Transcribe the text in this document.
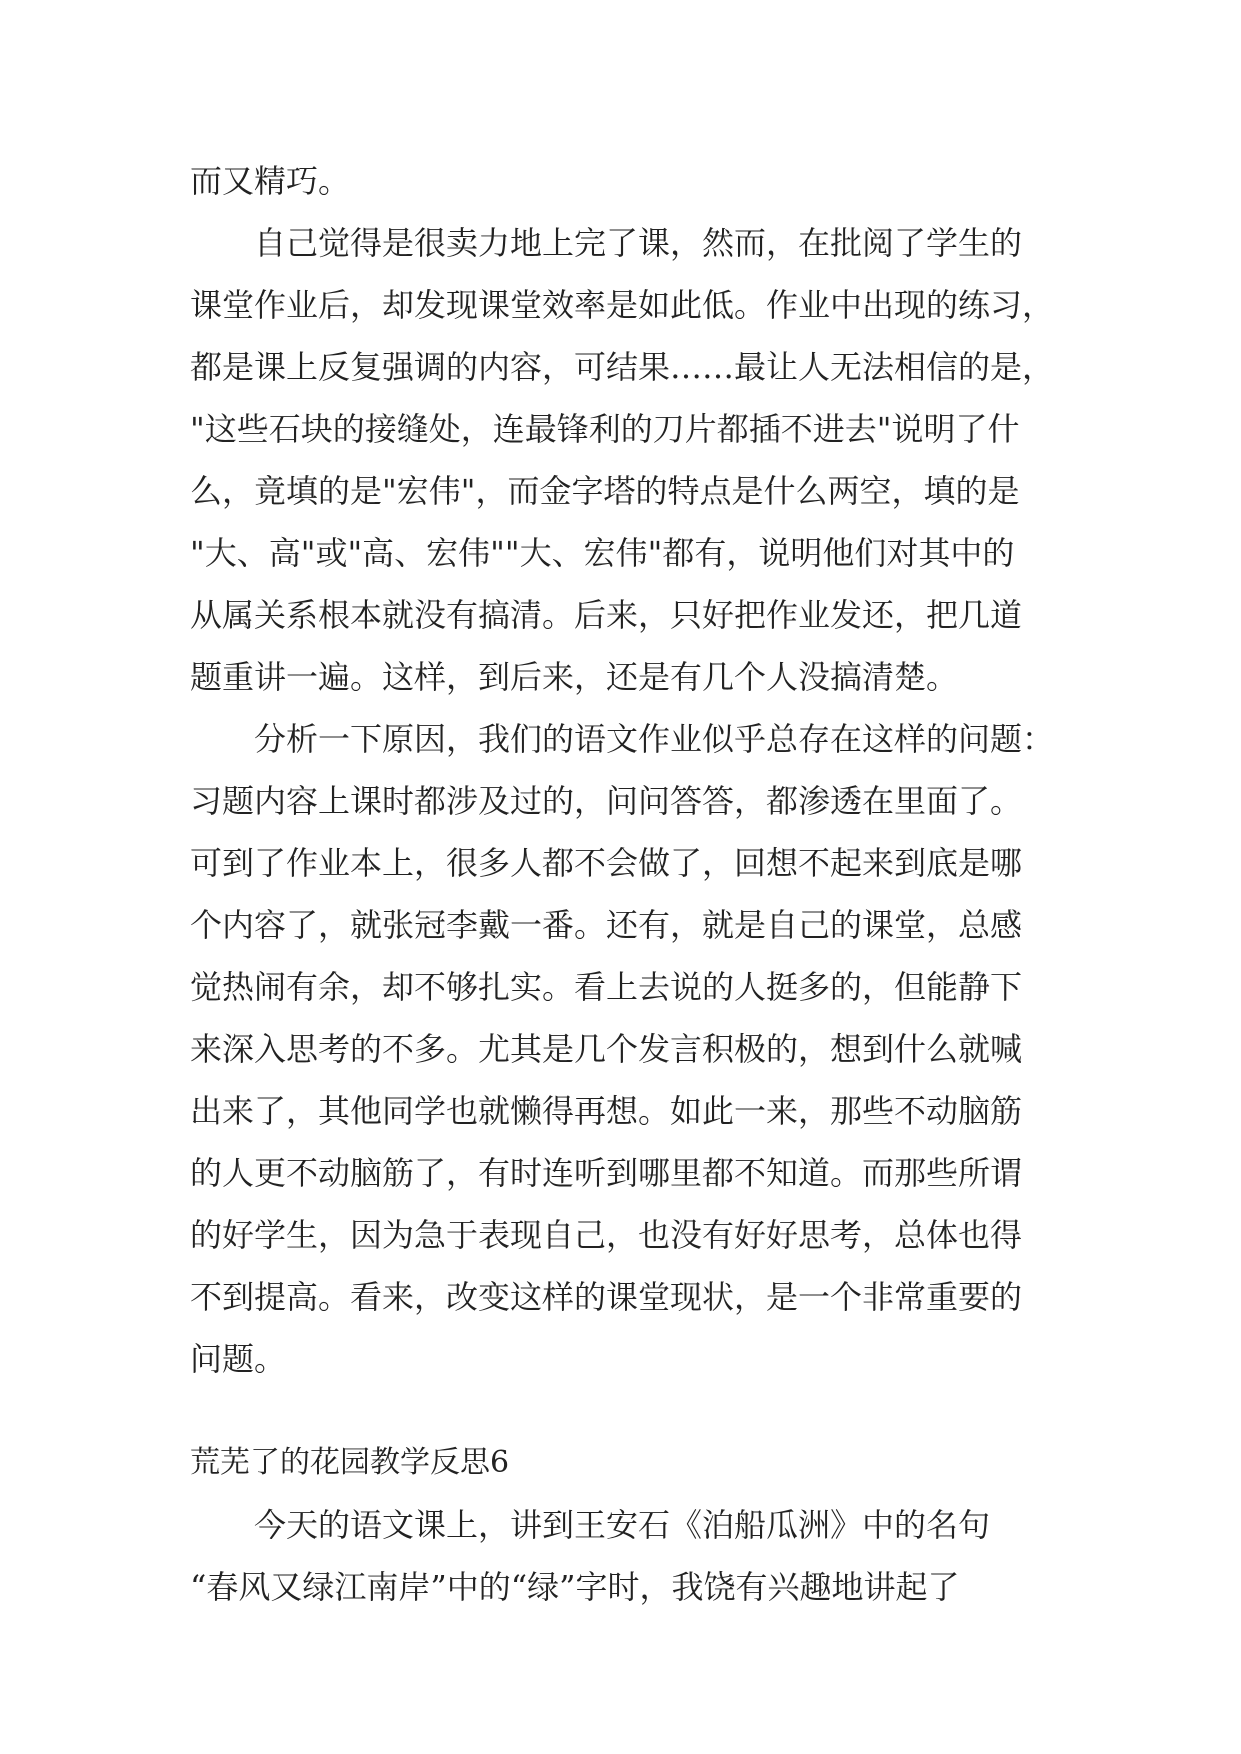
而又精巧。
自己觉得是很卖力地上完了课，然而，在批阅了学生的
课堂作业后，却发现课堂效率是如此低。作业中出现的练习，
都是课上反复强调的内容，可结果……最让人无法相信的是，
"这些石块的接缝处，连最锋利的刀片都插不进去"说明了什
么，竟填的是"宏伟"，而金字塔的特点是什么两空，填的是
"大、高"或"高、宏伟""大、宏伟"都有，说明他们对其中的
从属关系根本就没有搞清。后来，只好把作业发还，把几道
题重讲一遍。这样，到后来，还是有几个人没搞清楚。
分析一下原因，我们的语文作业似乎总存在这样的问题：
习题内容上课时都涉及过的，问问答答，都渗透在里面了。
可到了作业本上，很多人都不会做了，回想不起来到底是哪
个内容了，就张冠李戴一番。还有，就是自己的课堂，总感
觉热闹有余，却不够扎实。看上去说的人挺多的，但能静下
来深入思考的不多。尤其是几个发言积极的，想到什么就喊
出来了，其他同学也就懒得再想。如此一来，那些不动脑筋
的人更不动脑筋了，有时连听到哪里都不知道。而那些所谓
的好学生，因为急于表现自己，也没有好好思考，总体也得
不到提高。看来，改变这样的课堂现状，是一个非常重要的
问题。
荒芜了的花园教学反思6
今天的语文课上，讲到王安石《泊船瓜洲》中的名句
“春风又绿江南岸”中的“绿”字时，我饶有兴趣地讲起了
